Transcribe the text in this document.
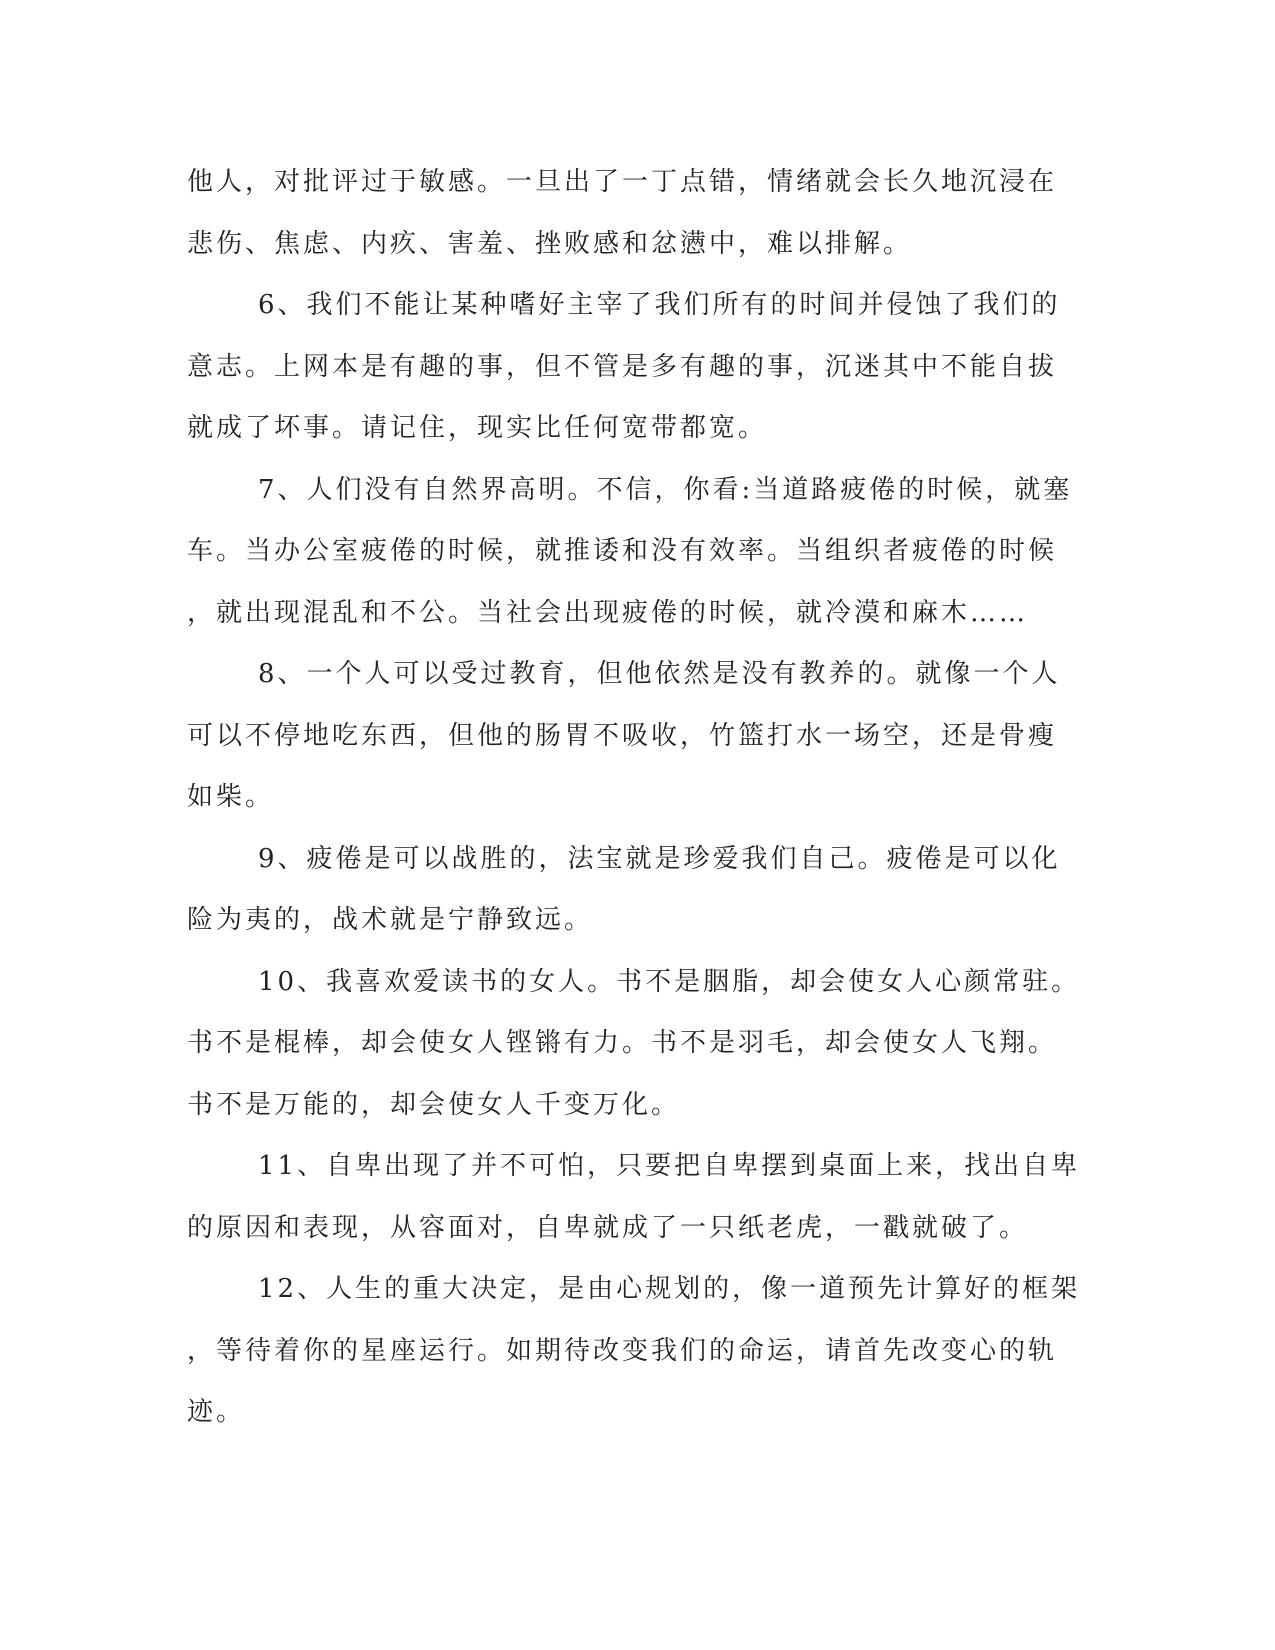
他人，对批评过于敏感。一旦出了一丁点错，情绪就会长久地沉浸在
悲伤、焦虑、内疚、害羞、挫败感和忿懑中，难以排解。
6、我们不能让某种嗜好主宰了我们所有的时间并侵蚀了我们的
意志。上网本是有趣的事，但不管是多有趣的事，沉迷其中不能自拔
就成了坏事。请记住，现实比任何宽带都宽。
7、人们没有自然界高明。不信，你看:当道路疲倦的时候，就塞
车。当办公室疲倦的时候，就推诿和没有效率。当组织者疲倦的时候
，就出现混乱和不公。当社会出现疲倦的时候，就冷漠和麻木……
8、一个人可以受过教育，但他依然是没有教养的。就像一个人
可以不停地吃东西，但他的肠胃不吸收，竹篮打水一场空，还是骨瘦
如柴。
9、疲倦是可以战胜的，法宝就是珍爱我们自己。疲倦是可以化
险为夷的，战术就是宁静致远。
10、我喜欢爱读书的女人。书不是胭脂，却会使女人心颜常驻。
书不是棍棒，却会使女人铿锵有力。书不是羽毛，却会使女人飞翔。
书不是万能的，却会使女人千变万化。
11、自卑出现了并不可怕，只要把自卑摆到桌面上来，找出自卑
的原因和表现，从容面对，自卑就成了一只纸老虎，一戳就破了。
12、人生的重大决定，是由心规划的，像一道预先计算好的框架
，等待着你的星座运行。如期待改变我们的命运，请首先改变心的轨
迹。
